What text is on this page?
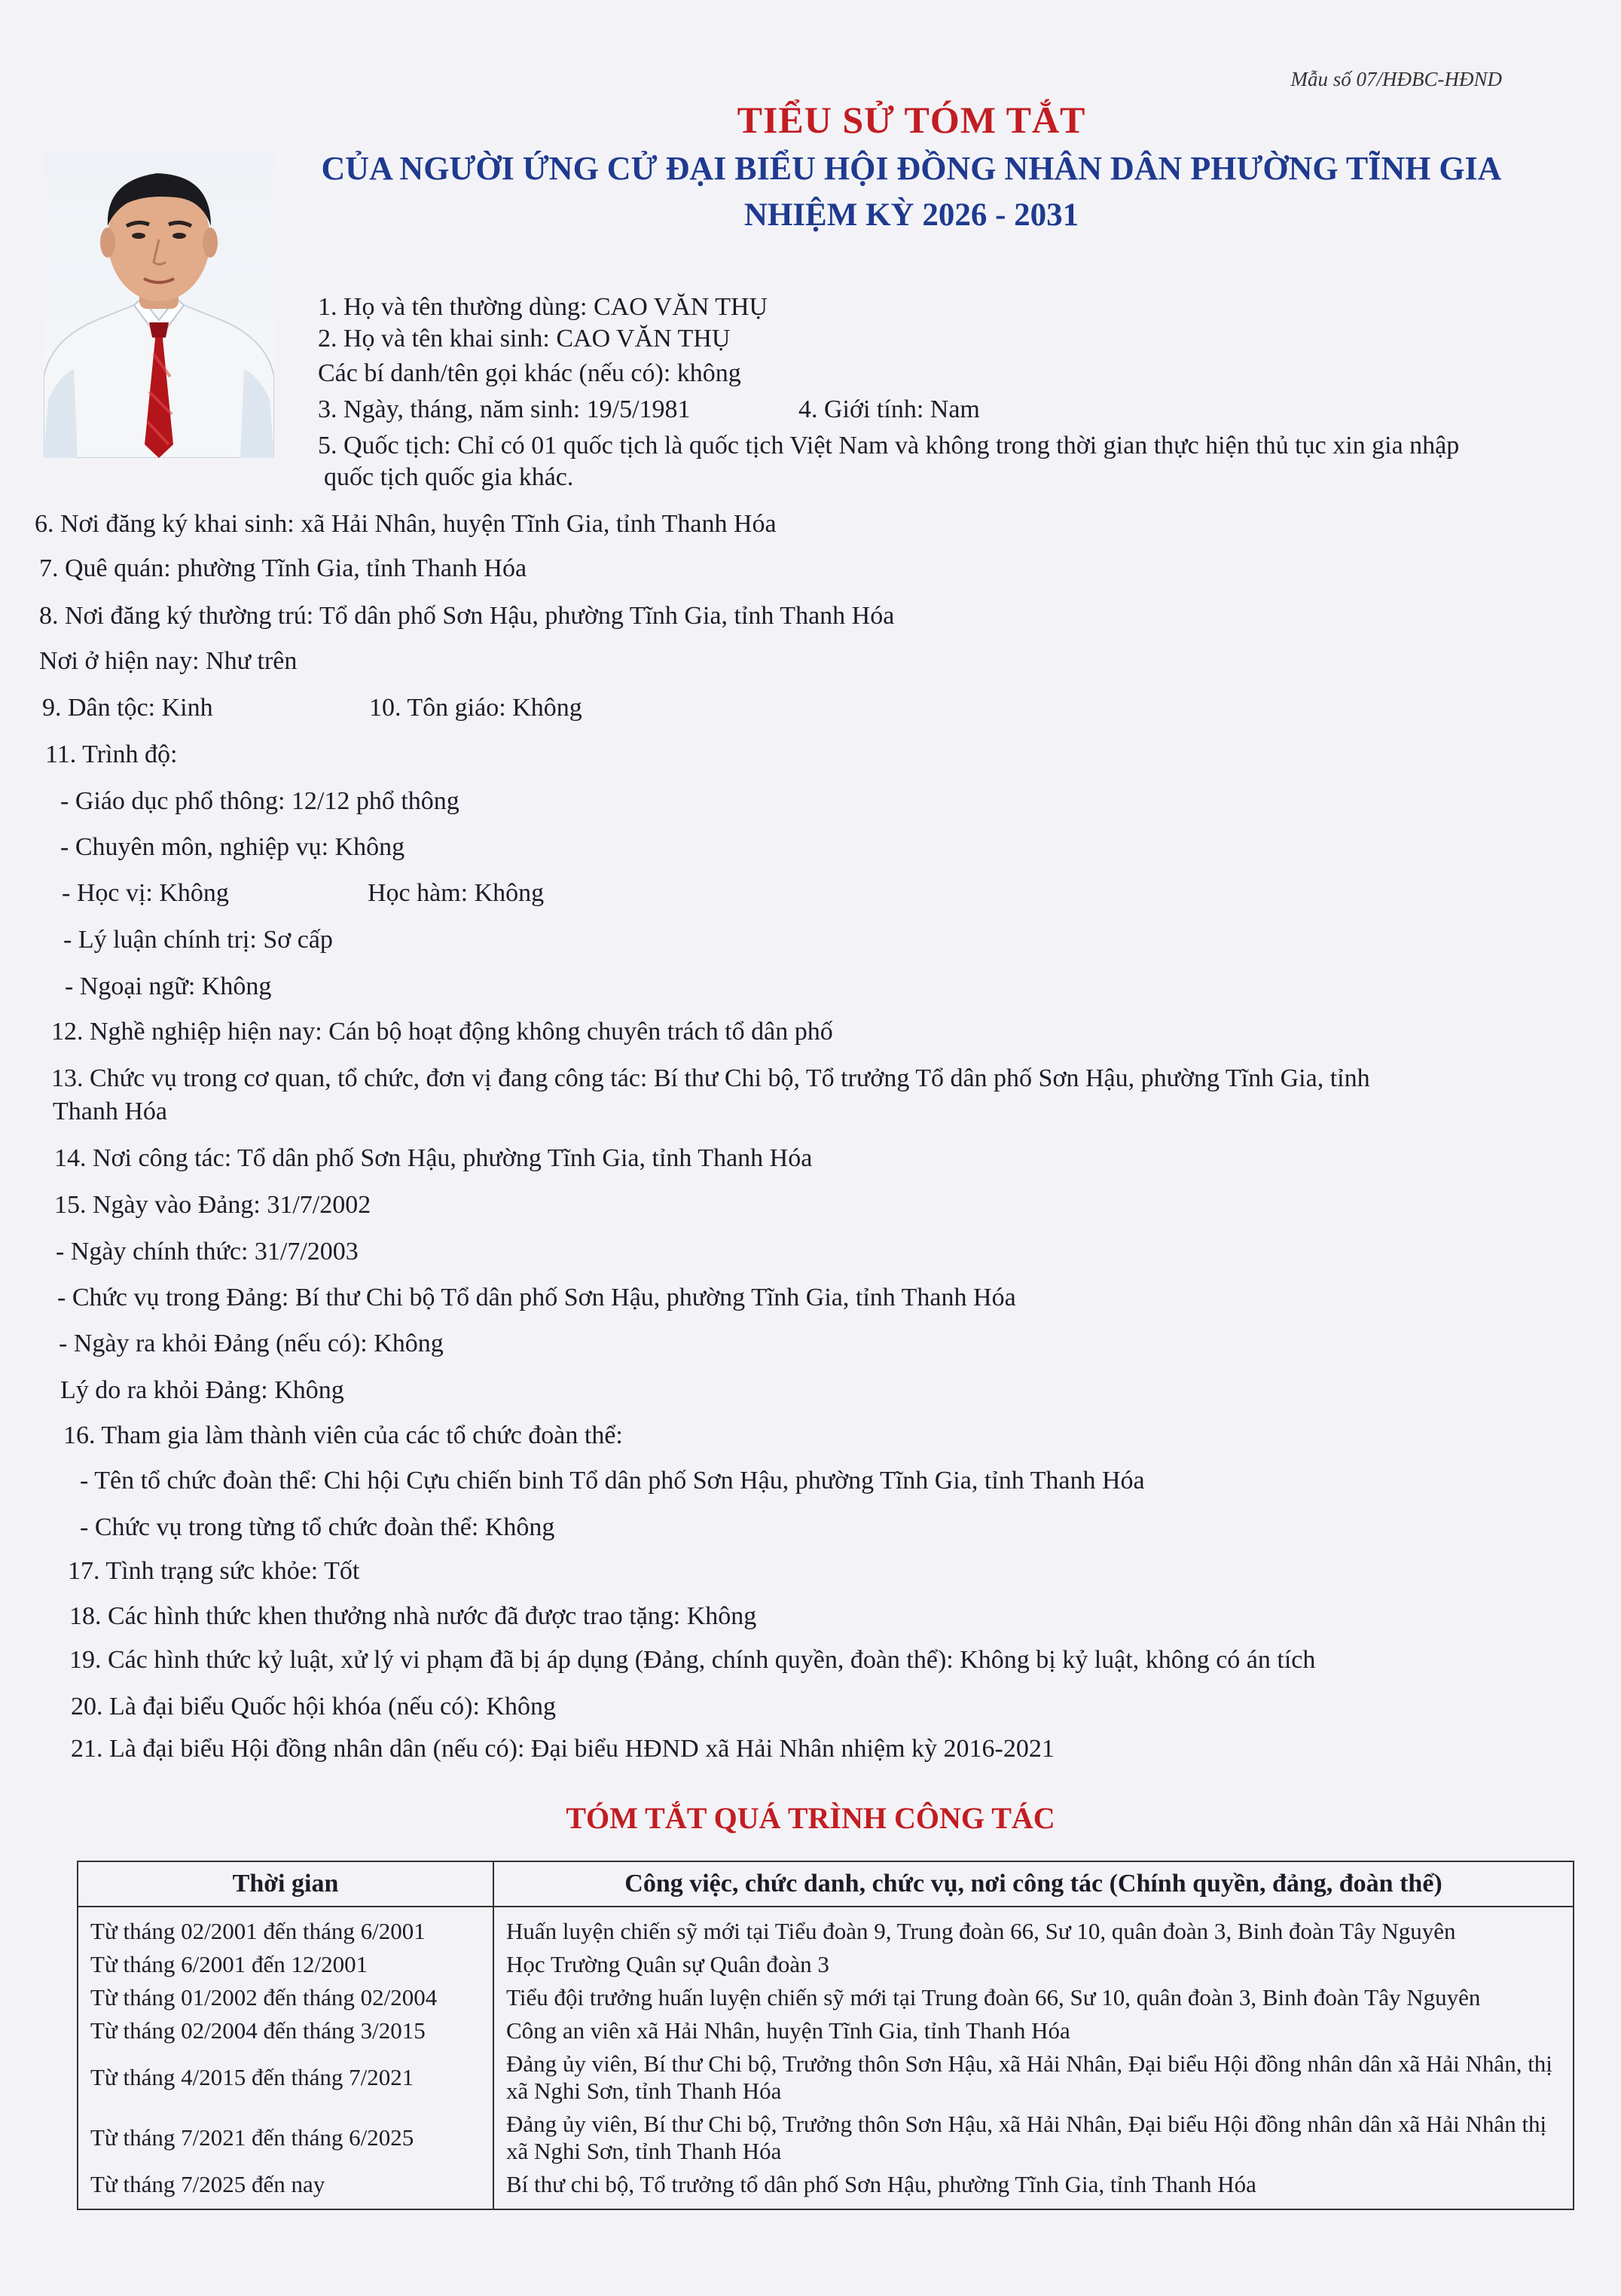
Mẫu số 07/HĐBC-HĐND
TIỂU SỬ TÓM TẮT
CỦA NGƯỜI ỨNG CỬ ĐẠI BIỂU HỘI ĐỒNG NHÂN DÂN PHƯỜNG TĨNH GIA
NHIỆM KỲ 2026 - 2031
1. Họ và tên thường dùng: CAO VĂN THỤ
2. Họ và tên khai sinh: CAO VĂN THỤ
Các bí danh/tên gọi khác (nếu có): không
3. Ngày, tháng, năm sinh: 19/5/1981	4. Giới tính: Nam
5. Quốc tịch: Chỉ có 01 quốc tịch là quốc tịch Việt Nam và không trong thời gian thực hiện thủ tục xin gia nhập
quốc tịch quốc gia khác.
6. Nơi đăng ký khai sinh: xã Hải Nhân, huyện Tĩnh Gia, tỉnh Thanh Hóa
7. Quê quán: phường Tĩnh Gia, tỉnh Thanh Hóa
8. Nơi đăng ký thường trú: Tổ dân phố Sơn Hậu, phường Tĩnh Gia, tỉnh Thanh Hóa
Nơi ở hiện nay: Như trên
9. Dân tộc: Kinh	10. Tôn giáo: Không
11. Trình độ:
- Giáo dục phổ thông: 12/12 phổ thông
- Chuyên môn, nghiệp vụ: Không
- Học vị: Không	Học hàm: Không
- Lý luận chính trị: Sơ cấp
- Ngoại ngữ: Không
12. Nghề nghiệp hiện nay: Cán bộ hoạt động không chuyên trách tổ dân phố
13. Chức vụ trong cơ quan, tổ chức, đơn vị đang công tác: Bí thư Chi bộ, Tổ trưởng Tổ dân phố Sơn Hậu, phường Tĩnh Gia, tỉnh
Thanh Hóa
14. Nơi công tác: Tổ dân phố Sơn Hậu, phường Tĩnh Gia, tỉnh Thanh Hóa
15. Ngày vào Đảng: 31/7/2002
- Ngày chính thức: 31/7/2003
- Chức vụ trong Đảng: Bí thư Chi bộ Tổ dân phố Sơn Hậu, phường Tĩnh Gia, tỉnh Thanh Hóa
- Ngày ra khỏi Đảng (nếu có): Không
Lý do ra khỏi Đảng: Không
16. Tham gia làm thành viên của các tổ chức đoàn thể:
- Tên tổ chức đoàn thể: Chi hội Cựu chiến binh Tổ dân phố Sơn Hậu, phường Tĩnh Gia, tỉnh Thanh Hóa
- Chức vụ trong từng tổ chức đoàn thể: Không
17. Tình trạng sức khỏe: Tốt
18. Các hình thức khen thưởng nhà nước đã được trao tặng: Không
19. Các hình thức kỷ luật, xử lý vi phạm đã bị áp dụng (Đảng, chính quyền, đoàn thể): Không bị kỷ luật, không có án tích
20. Là đại biểu Quốc hội khóa (nếu có): Không
21. Là đại biểu Hội đồng nhân dân (nếu có): Đại biểu HĐND xã Hải Nhân nhiệm kỳ 2016-2021
TÓM TẮT QUÁ TRÌNH CÔNG TÁC
Thời gian	Công việc, chức danh, chức vụ, nơi công tác (Chính quyền, đảng, đoàn thể)
Từ tháng 02/2001 đến tháng 6/2001	Huấn luyện chiến sỹ mới tại Tiểu đoàn 9, Trung đoàn 66, Sư 10, quân đoàn 3, Binh đoàn Tây Nguyên
Từ tháng 6/2001 đến 12/2001	Học Trường Quân sự Quân đoàn 3
Từ tháng 01/2002 đến tháng 02/2004	Tiểu đội trưởng huấn luyện chiến sỹ mới tại Trung đoàn 66, Sư 10, quân đoàn 3, Binh đoàn Tây Nguyên
Từ tháng 02/2004 đến tháng 3/2015	Công an viên xã Hải Nhân, huyện Tĩnh Gia, tỉnh Thanh Hóa
Từ tháng 4/2015 đến tháng 7/2021	Đảng ủy viên, Bí thư Chi bộ, Trưởng thôn Sơn Hậu, xã Hải Nhân, Đại biểu Hội đồng nhân dân xã Hải Nhân, thị xã Nghi Sơn, tỉnh Thanh Hóa
Từ tháng 7/2021 đến tháng 6/2025	Đảng ủy viên, Bí thư Chi bộ, Trưởng thôn Sơn Hậu, xã Hải Nhân, Đại biểu Hội đồng nhân dân xã Hải Nhân thị xã Nghi Sơn, tỉnh Thanh Hóa
Từ tháng 7/2025 đến nay	Bí thư chi bộ, Tổ trưởng tổ dân phố Sơn Hậu, phường Tĩnh Gia, tỉnh Thanh Hóa
